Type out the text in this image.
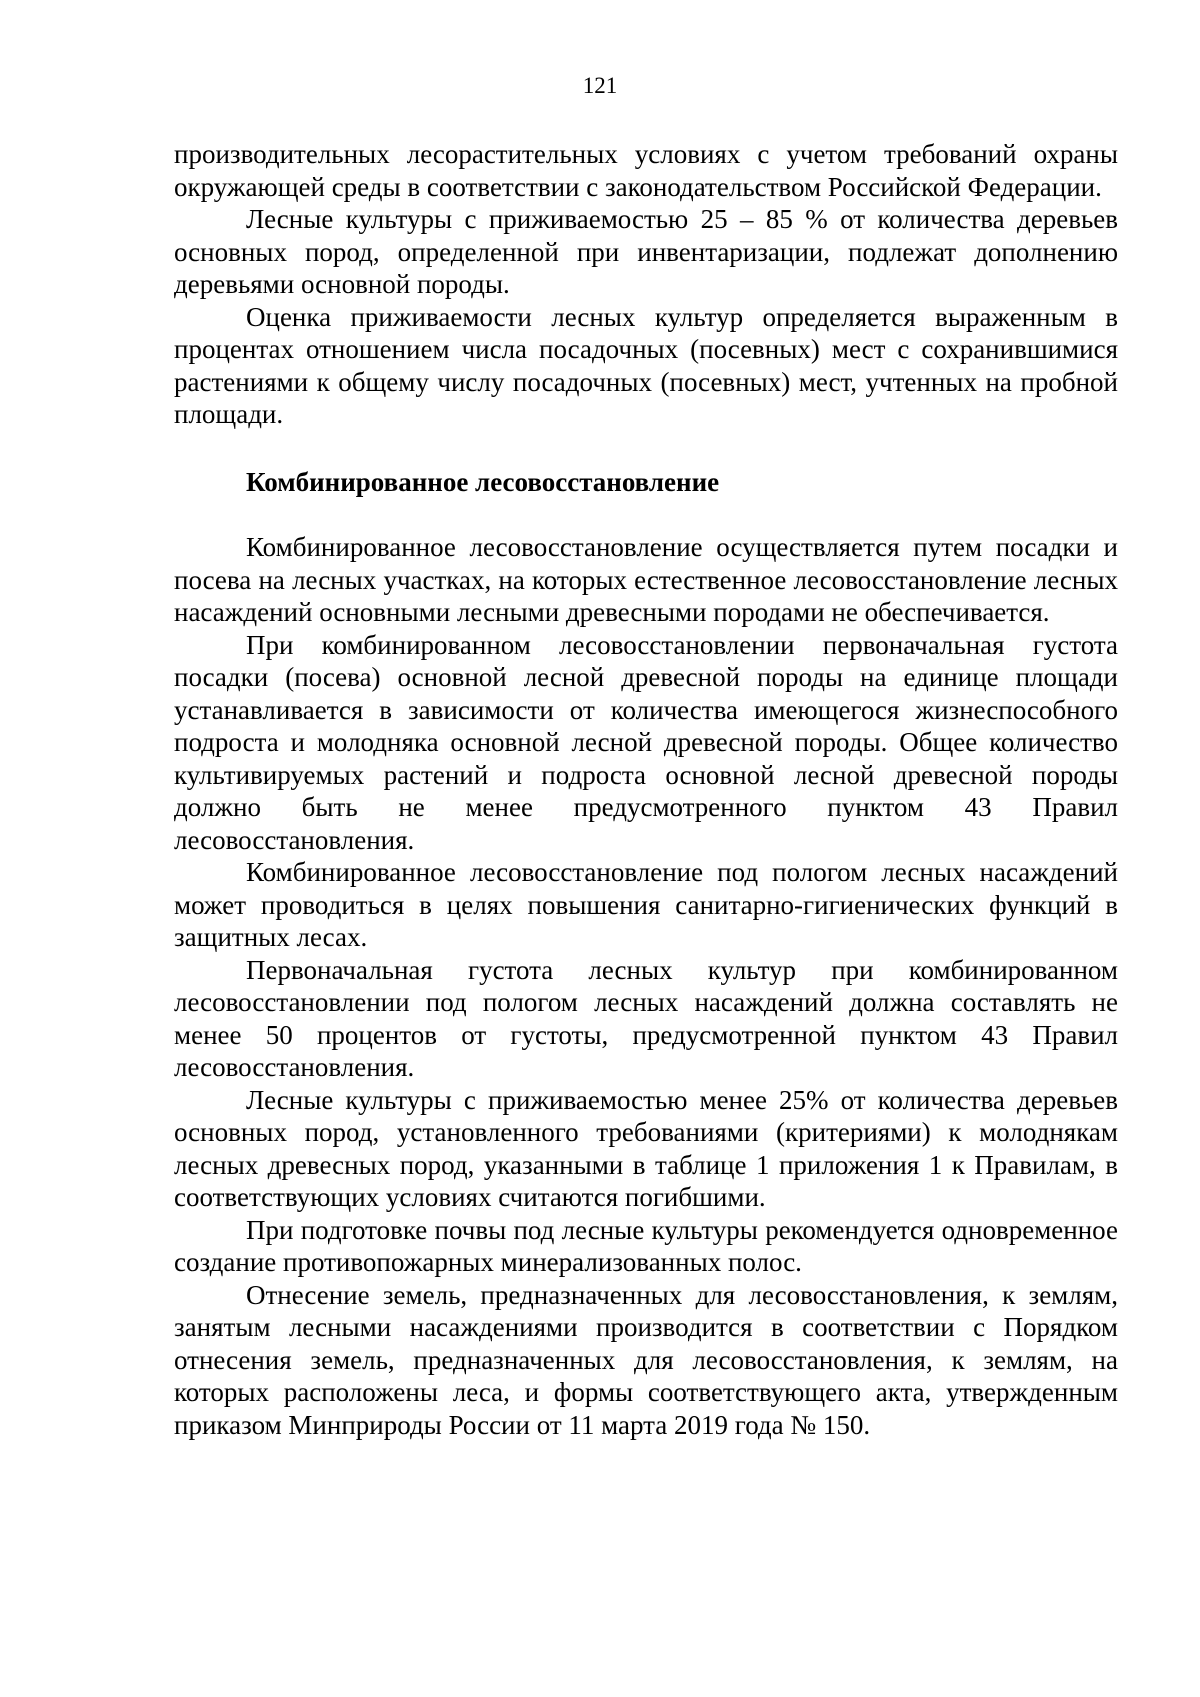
121

производительных лесорастительных условиях с учетом требований охраны окружающей среды в соответствии с законодательством Российской Федерации.

Лесные культуры с приживаемостью 25 – 85 % от количества деревьев основных пород, определенной при инвентаризации, подлежат дополнению деревьями основной породы.

Оценка приживаемости лесных культур определяется выраженным в процентах отношением числа посадочных (посевных) мест с сохранившимися растениями к общему числу посадочных (посевных) мест, учтенных на пробной площади.

Комбинированное лесовосстановление

Комбинированное лесовосстановление осуществляется путем посадки и посева на лесных участках, на которых естественное лесовосстановление лесных насаждений основными лесными древесными породами не обеспечивается.

При комбинированном лесовосстановлении первоначальная густота посадки (посева) основной лесной древесной породы на единице площади устанавливается в зависимости от количества имеющегося жизнеспособного подроста и молодняка основной лесной древесной породы. Общее количество культивируемых растений и подроста основной лесной древесной породы должно быть не менее предусмотренного пунктом 43 Правил лесовосстановления.

Комбинированное лесовосстановление под пологом лесных насаждений может проводиться в целях повышения санитарно-гигиенических функций в защитных лесах.

Первоначальная густота лесных культур при комбинированном лесовосстановлении под пологом лесных насаждений должна составлять не менее 50 процентов от густоты, предусмотренной пунктом 43 Правил лесовосстановления.

Лесные культуры с приживаемостью менее 25% от количества деревьев основных пород, установленного требованиями (критериями) к молоднякам лесных древесных пород, указанными в таблице 1 приложения 1 к Правилам, в соответствующих условиях считаются погибшими.

При подготовке почвы под лесные культуры рекомендуется одновременное создание противопожарных минерализованных полос.

Отнесение земель, предназначенных для лесовосстановления, к землям, занятым лесными насаждениями производится в соответствии с Порядком отнесения земель, предназначенных для лесовосстановления, к землям, на которых расположены леса, и формы соответствующего акта, утвержденным приказом Минприроды России от 11 марта 2019 года № 150.
